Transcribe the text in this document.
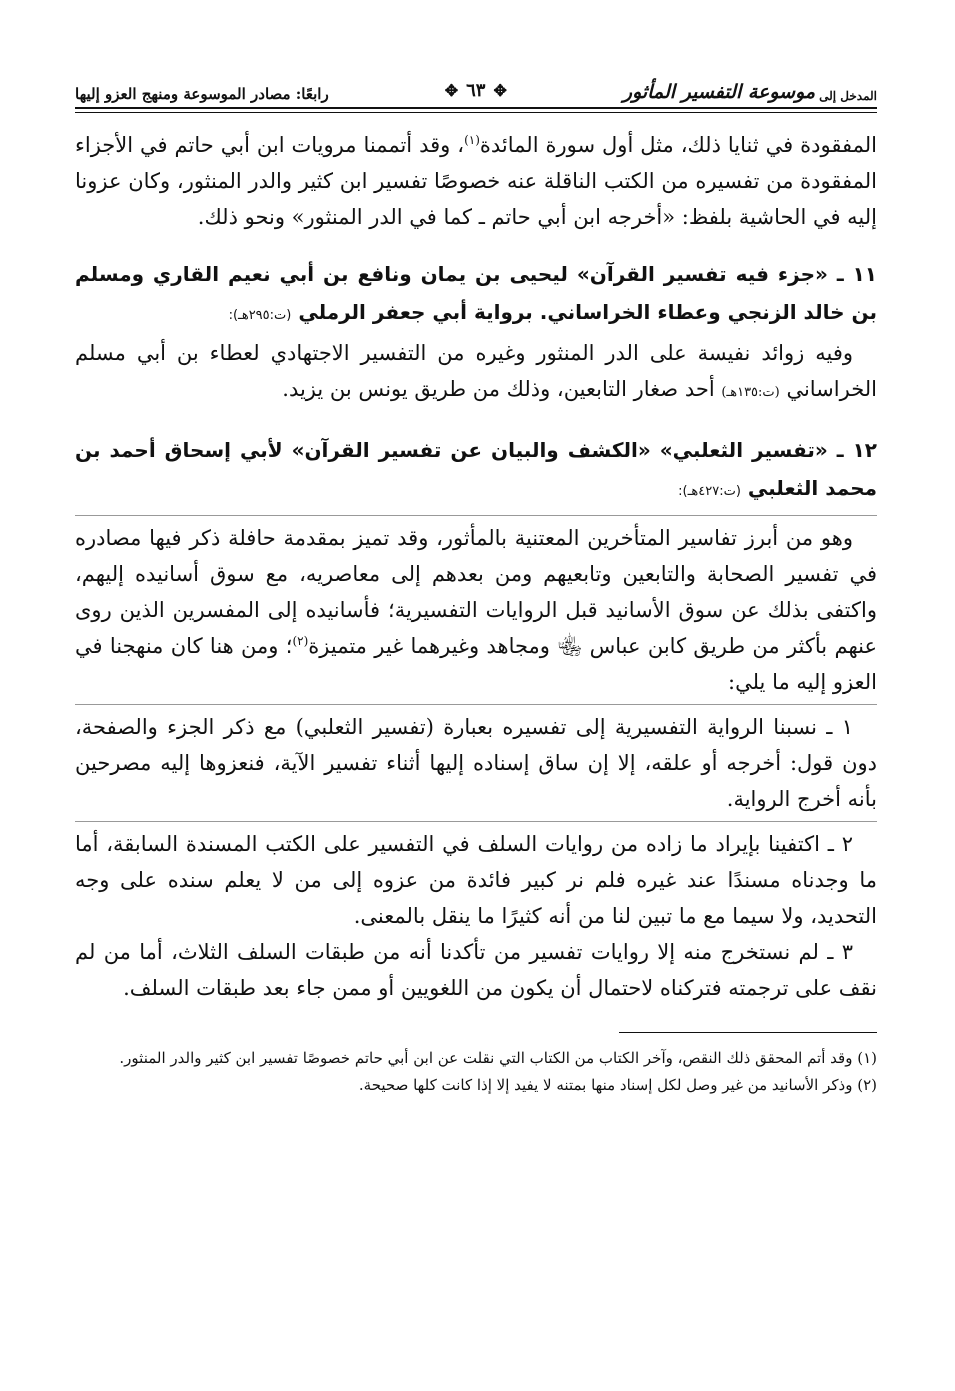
المدخل إلى
موسوعة التفسير المأثور
✥
٦٣
✥
رابعًا: مصادر الموسوعة ومنهج العزو إليها

المفقودة في ثنايا ذلك، مثل أول سورة المائدة$^{(١)}$، وقد أتممنا مرويات ابن أبي حاتم في الأجزاء المفقودة من تفسيره من الكتب الناقلة عنه خصوصًا تفسير ابن كثير والدر المنثور، وكان عزونا إليه في الحاشية بلفظ: «أخرجه ابن أبي حاتم ـ كما في الدر المنثور» ونحو ذلك.

١١ ـ «جزء فيه تفسير القرآن» ليحيى بن يمان ونافع بن أبي نعيم القاري ومسلم بن خالد الزنجي وعطاء الخراساني. برواية أبي جعفر الرملي (ت:٢٩٥هـ):

وفيه زوائد نفيسة على الدر المنثور وغيره من التفسير الاجتهادي لعطاء بن أبي مسلم الخراساني (ت:١٣٥هـ) أحد صغار التابعين، وذلك من طريق يونس بن يزيد.

١٢ ـ «تفسير الثعلبي» «الكشف والبيان عن تفسير القرآن» لأبي إسحاق أحمد بن محمد الثعلبي (ت:٤٢٧هـ):

وهو من أبرز تفاسير المتأخرين المعتنية بالمأثور، وقد تميز بمقدمة حافلة ذكر فيها مصادره في تفسير الصحابة والتابعين وتابعيهم ومن بعدهم إلى معاصريه، مع سوق أسانيده إليهم، واكتفى بذلك عن سوق الأسانيد قبل الروايات التفسيرية؛ فأسانيده إلى المفسرين الذين روى عنهم بأكثر من طريق كابن عباس ﵄ ومجاهد وغيرهما غير متميزة$^{(٢)}$؛ ومن هنا كان منهجنا في العزو إليه ما يلي:

١ ـ نسبنا الرواية التفسيرية إلى تفسيره بعبارة (تفسير الثعلبي) مع ذكر الجزء والصفحة، دون قول: أخرجه أو علقه، إلا إن ساق إسناده إليها أثناء تفسير الآية، فنعزوها إليه مصرحين بأنه أخرج الرواية.

٢ ـ اكتفينا بإيراد ما زاده من روايات السلف في التفسير على الكتب المسندة السابقة، أما ما وجدناه مسندًا عند غيره فلم نر كبير فائدة من عزوه إلى من لا يعلم سنده على وجه التحديد، ولا سيما مع ما تبين لنا من أنه كثيرًا ما ينقل بالمعنى.

٣ ـ لم نستخرج منه إلا روايات تفسير من تأكدنا أنه من طبقات السلف الثلاث، أما من لم نقف على ترجمته فتركناه لاحتمال أن يكون من اللغويين أو ممن جاء بعد طبقات السلف.

(١) وقد أتم المحقق ذلك النقص، وآخر الكتاب من الكتاب التي نقلت عن ابن أبي حاتم خصوصًا تفسير ابن كثير والدر المنثور.

(٢) وذكر الأسانيد من غير وصل لكل إسناد منها بمتنه لا يفيد إلا إذا كانت كلها صحيحة.
